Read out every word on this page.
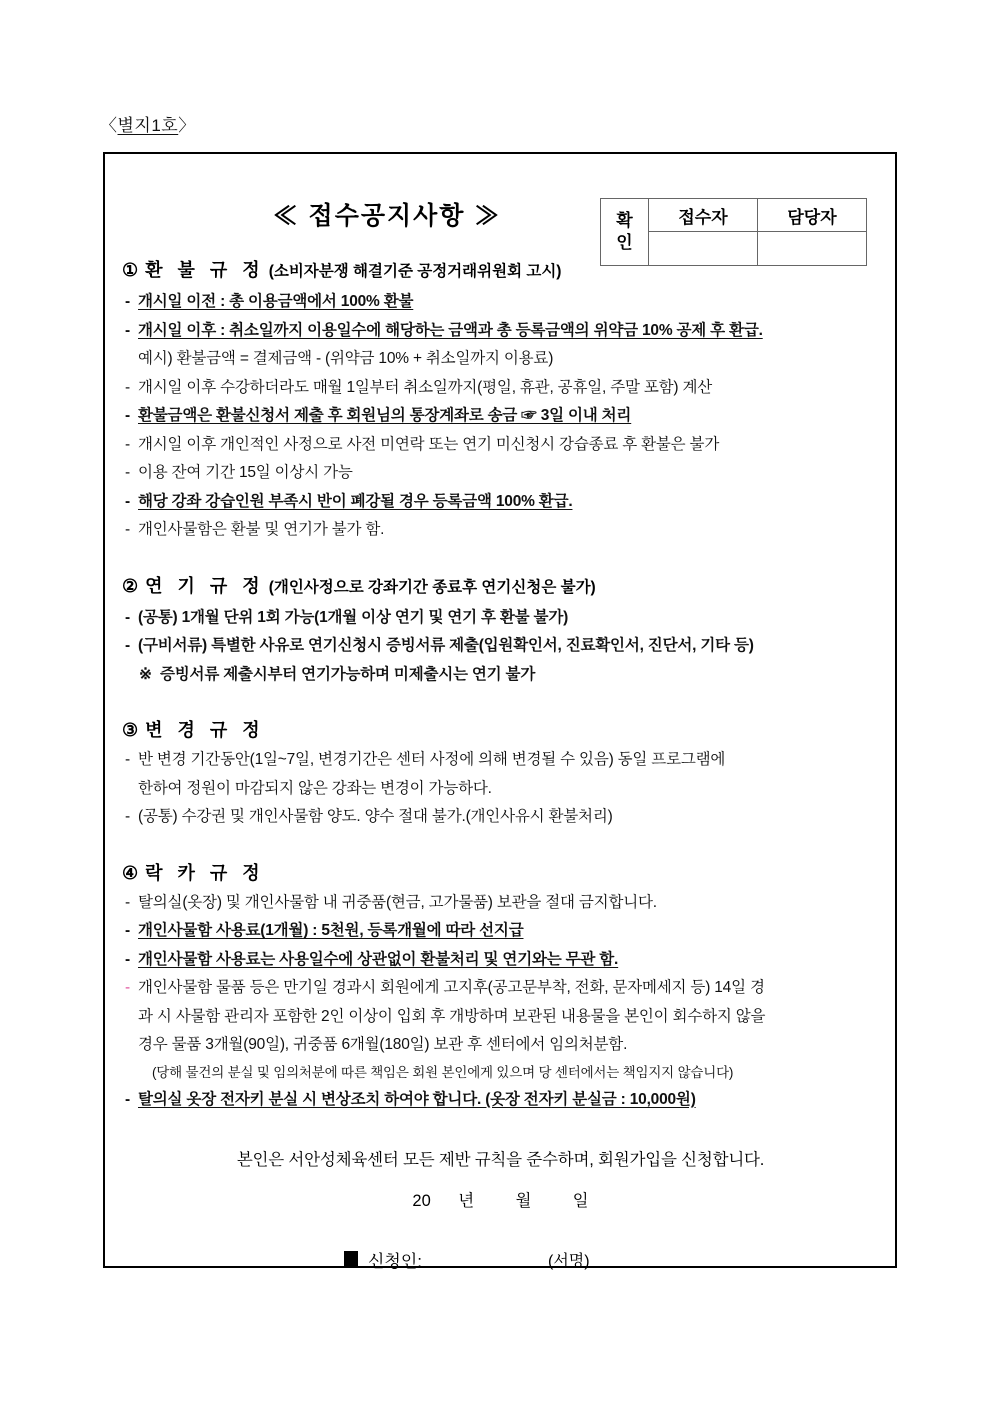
〈별지1호〉
≪ 접수공지사항 ≫	확인	접수자	담당자

① 환 불 규 정 (소비자분쟁 해결기준 공정거래위원회 고시)
- 개시일 이전 : 총 이용금액에서 100% 환불
- 개시일 이후 : 취소일까지 이용일수에 해당하는 금액과 총 등록금액의 위약금 10% 공제 후 환급.
예시) 환불금액 = 결제금액 - (위약금 10% + 취소일까지 이용료)
- 개시일 이후 수강하더라도 매월 1일부터 취소일까지(평일, 휴관, 공휴일, 주말 포함) 계산
- 환불금액은 환불신청서 제출 후 회원님의 통장계좌로 송금 ☞ 3일 이내 처리
- 개시일 이후 개인적인 사정으로 사전 미연락 또는 연기 미신청시 강습종료 후 환불은 불가
- 이용 잔여 기간 15일 이상시 가능
- 해당 강좌 강습인원 부족시 반이 폐강될 경우 등록금액 100% 환급.
- 개인사물함은 환불 및 연기가 불가 함.
② 연 기 규 정 (개인사정으로 강좌기간 종료후 연기신청은 불가)
- (공통) 1개월 단위 1회 가능(1개월 이상 연기 및 연기 후 환불 불가)
- (구비서류) 특별한 사유로 연기신청시 증빙서류 제출(입원확인서, 진료확인서, 진단서, 기타 등)
※ 증빙서류 제출시부터 연기가능하며 미제출시는 연기 불가
③ 변 경 규 정
- 반 변경 기간동안(1일~7일, 변경기간은 센터 사정에 의해 변경될 수 있음) 동일 프로그램에
한하여 정원이 마감되지 않은 강좌는 변경이 가능하다.
- (공통) 수강권 및 개인사물함 양도. 양수 절대 불가.(개인사유시 환불처리)
④ 락 카 규 정
- 탈의실(옷장) 및 개인사물함 내 귀중품(현금, 고가물품) 보관을 절대 금지합니다.
- 개인사물함 사용료(1개월) : 5천원, 등록개월에 따라 선지급
- 개인사물함 사용료는 사용일수에 상관없이 환불처리 및 연기와는 무관 함.
- 개인사물함 물품 등은 만기일 경과시 회원에게 고지후(공고문부착, 전화, 문자메세지 등) 14일 경
과 시 사물함 관리자 포함한 2인 이상이 입회 후 개방하며 보관된 내용물을 본인이 회수하지 않을
경우 물품 3개월(90일), 귀중품 6개월(180일) 보관 후 센터에서 임의처분함.
(당해 물건의 분실 및 임의처분에 따른 책임은 회원 본인에게 있으며 당 센터에서는 책임지지 않습니다)
- 탈의실 옷장 전자키 분실 시 변상조치 하여야 합니다. (옷장 전자키 분실금 : 10,000원)
본인은 서안성체육센터 모든 제반 규칙을 준수하며, 회원가입을 신청합니다.
20      년         월         일
신청인:	(서명)
